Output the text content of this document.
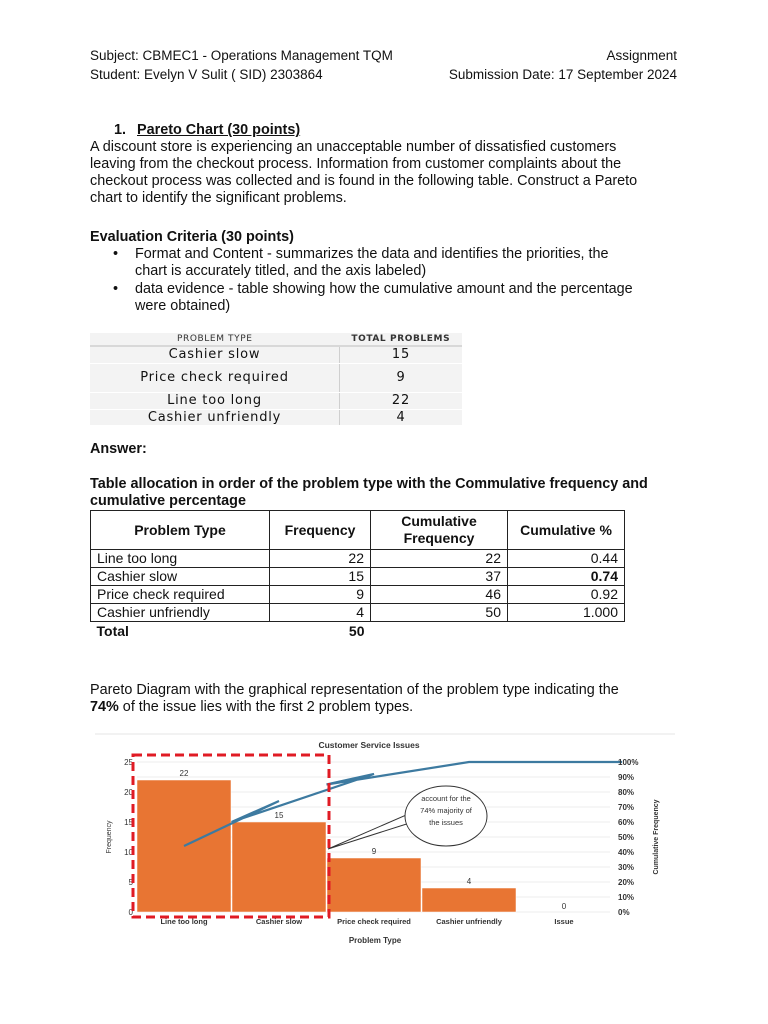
Subject: CBMEC1 - Operations Management TQM
Student: Evelyn V Sulit ( SID) 2303864
Assignment
Submission Date: 17 September 2024
1. Pareto Chart (30 points)
A discount store is experiencing an unacceptable number of dissatisfied customers
leaving from the checkout process. Information from customer complaints about the
checkout process was collected and is found in the following table. Construct a Pareto
chart to identify the significant problems.
Evaluation Criteria (30 points)
• Format and Content - summarizes the data and identifies the priorities, the
chart is accurately titled, and the axis labeled)
• data evidence - table showing how the cumulative amount and the percentage
were obtained)
PROBLEM TYPE	TOTAL PROBLEMS
Cashier slow	15
Price check required	9
Line too long	22
Cashier unfriendly	4
Answer:
Table allocation in order of the problem type with the Commulative frequency and cumulative percentage
Problem Type	Frequency	Cumulative Frequency	Cumulative %
Line too long	22	22	0.44
Cashier slow	15	37	0.74
Price check required	9	46	0.92
Cashier unfriendly	4	50	1.000
Total	50		
Pareto Diagram with the graphical representation of the problem type indicating the
74% of the issue lies with the first 2 problem types.
Customer Service Issues
22
Line too long
15
Cashier slow
9
Price check required
4
Cashier unfriendly
0
Issue
0
5
10
15
20
25
0%
10%
20%
30%
40%
50%
60%
70%
80%
90%
100%
Frequency	Cumulative Frequency
Problem Type
account for the
74% majority of
the issues
